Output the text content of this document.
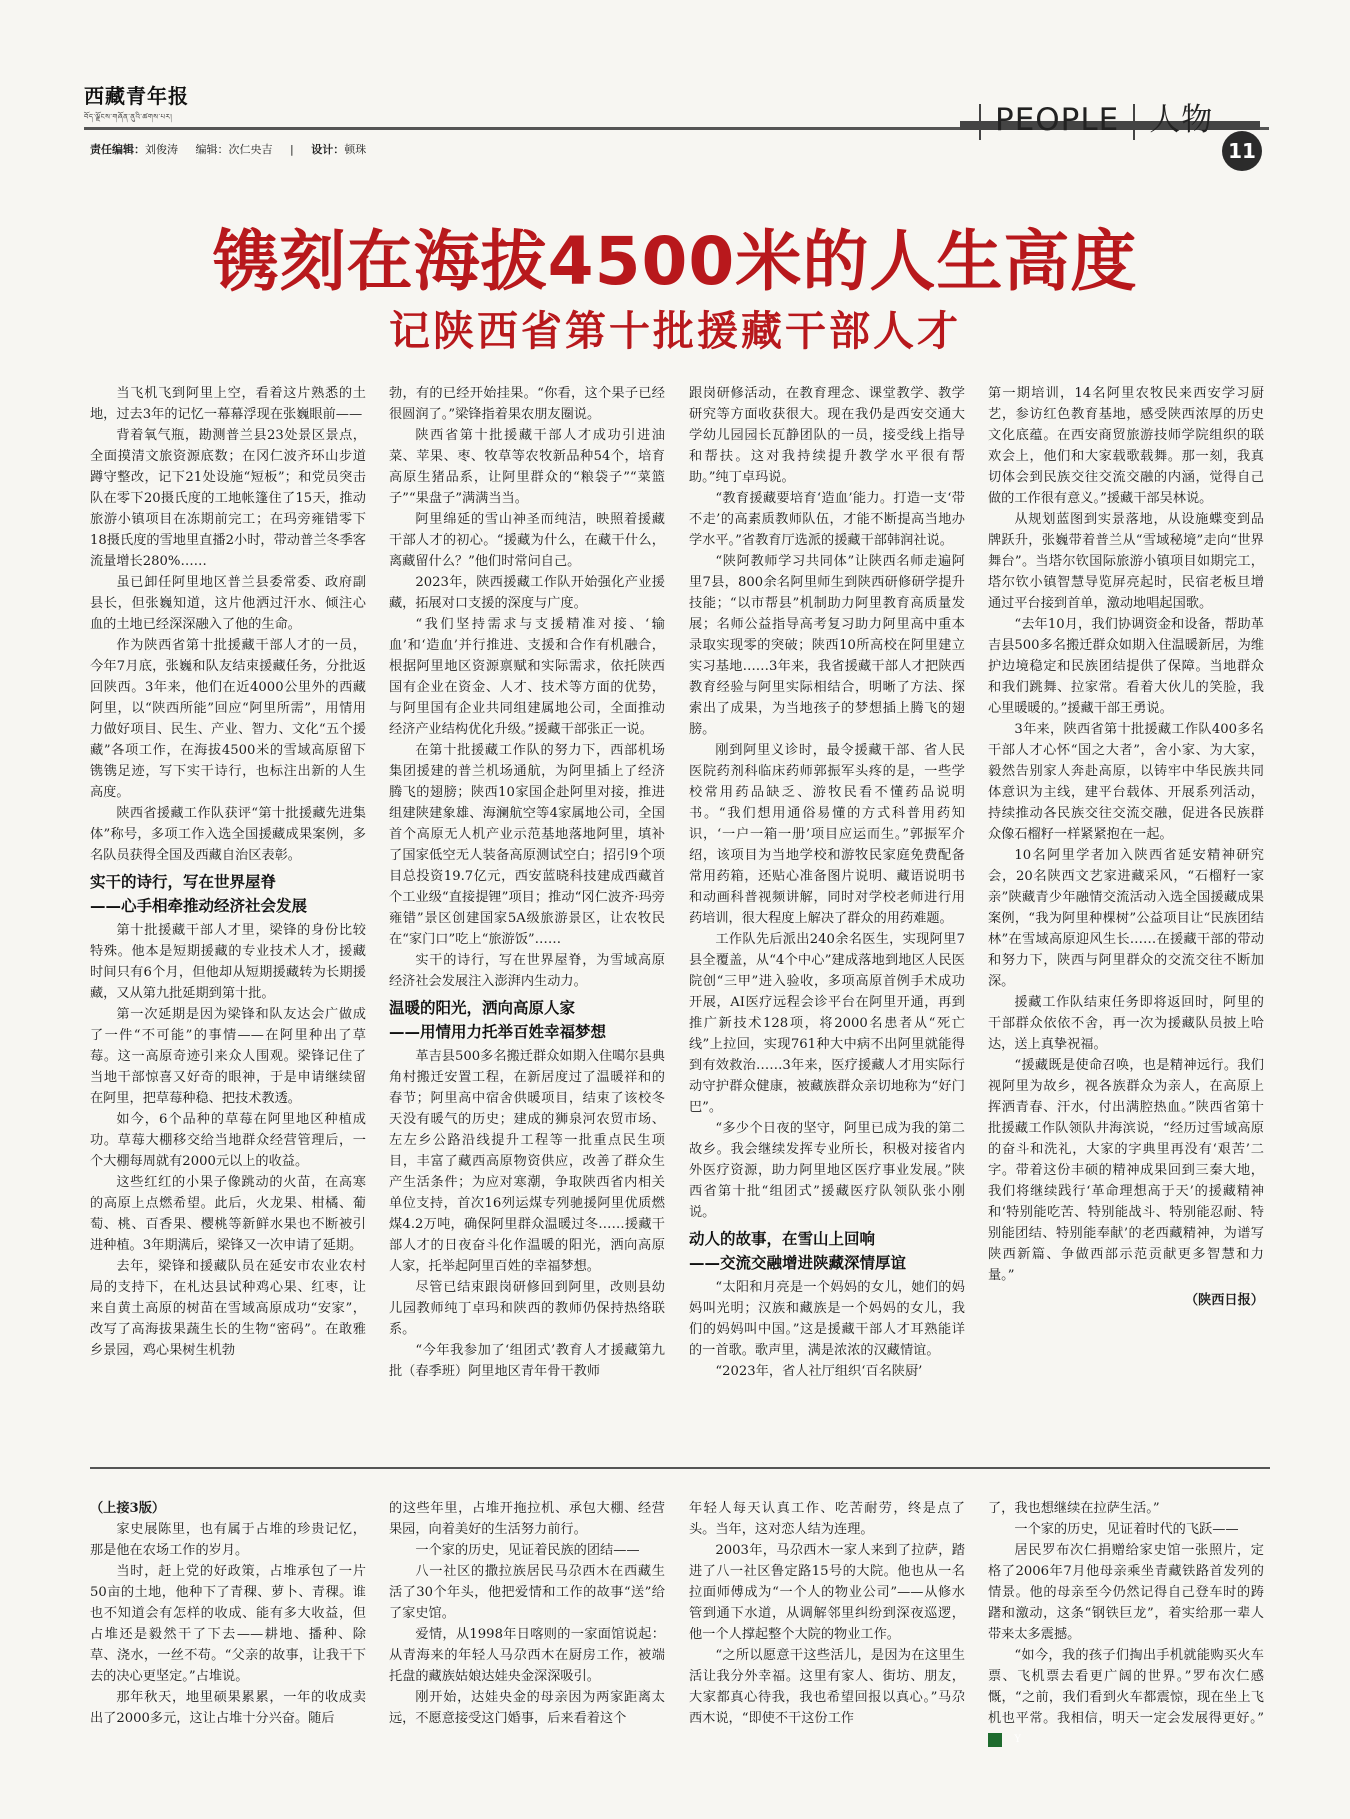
西藏青年报
བོད་ལྗོངས་གཞོན་ནུའི་ཚགས་པར།	PEOPLE 人物
11
责任编辑：刘俊涛 编辑：次仁央吉 | 设计：顿珠
镌刻在海拔4500米的人生高度
记陕西省第十批援藏干部人才

当飞机飞到阿里上空，看着这片熟悉的土地，过去3年的记忆一幕幕浮现在张巍眼前——

背着氧气瓶，勘测普兰县23处景区景点，全面摸清文旅资源底数；在冈仁波齐环山步道蹲守整改，记下21处设施“短板”；和党员突击队在零下20摄氏度的工地帐篷住了15天，推动旅游小镇项目在冻期前完工；在玛旁雍错零下18摄氏度的雪地里直播2小时，带动普兰冬季客流量增长280%……

虽已卸任阿里地区普兰县委常委、政府副县长，但张巍知道，这片他洒过汗水、倾注心血的土地已经深深融入了他的生命。

作为陕西省第十批援藏干部人才的一员，今年7月底，张巍和队友结束援藏任务，分批返回陕西。3年来，他们在近4000公里外的西藏阿里，以“陕西所能”回应“阿里所需”，用情用力做好项目、民生、产业、智力、文化“五个援藏”各项工作，在海拔4500米的雪域高原留下镌镌足迹，写下实干诗行，也标注出新的人生高度。

陕西省援藏工作队获评“第十批援藏先进集体”称号，多项工作入选全国援藏成果案例，多名队员获得全国及西藏自治区表彰。

实干的诗行，写在世界屋脊
——心手相牵推动经济社会发展

第十批援藏干部人才里，梁锋的身份比较特殊。他本是短期援藏的专业技术人才，援藏时间只有6个月，但他却从短期援藏转为长期援藏，又从第九批延期到第十批。

第一次延期是因为梁锋和队友达会广做成了一件“不可能”的事情——在阿里种出了草莓。这一高原奇迹引来众人围观。梁锋记住了当地干部惊喜又好奇的眼神，于是申请继续留在阿里，把草莓种稳、把技术教透。

如今，6个品种的草莓在阿里地区种植成功。草莓大棚移交给当地群众经营管理后，一个大棚每周就有2000元以上的收益。

这些红红的小果子像跳动的火苗，在高寒的高原上点燃希望。此后，火龙果、柑橘、葡萄、桃、百香果、樱桃等新鲜水果也不断被引进种植。3年期满后，梁锋又一次申请了延期。

去年，梁锋和援藏队员在延安市农业农村局的支持下，在札达县试种鸡心果、红枣，让来自黄土高原的树苗在雪域高原成功“安家”，改写了高海拔果蔬生长的生物“密码”。在敢雅乡景园，鸡心果树生机勃

勃，有的已经开始挂果。“你看，这个果子已经很圆润了。”梁锋指着果农朋友圈说。

陕西省第十批援藏干部人才成功引进油菜、苹果、枣、牧草等农牧新品种54个，培育高原生猪品系，让阿里群众的“粮袋子”“菜篮子”“果盘子”满满当当。

阿里绵延的雪山神圣而纯洁，映照着援藏干部人才的初心。“援藏为什么，在藏干什么，离藏留什么？”他们时常问自己。

2023年，陕西援藏工作队开始强化产业援藏，拓展对口支援的深度与广度。

“我们坚持需求与支援精准对接、‘输血’和‘造血’并行推进、支援和合作有机融合，根据阿里地区资源禀赋和实际需求，依托陕西国有企业在资金、人才、技术等方面的优势，与阿里国有企业共同组建属地公司，全面推动经济产业结构优化升级。”援藏干部张正一说。

在第十批援藏工作队的努力下，西部机场集团援建的普兰机场通航，为阿里插上了经济腾飞的翅膀；陕西10家国企赴阿里对接，推进组建陕建象雄、海澜航空等4家属地公司，全国首个高原无人机产业示范基地落地阿里，填补了国家低空无人装备高原测试空白；招引9个项目总投资19.7亿元，西安蓝晓科技建成西藏首个工业级“直接提锂”项目；推动“冈仁波齐·玛旁雍错”景区创建国家5A级旅游景区，让农牧民在“家门口”吃上“旅游饭”……

实干的诗行，写在世界屋脊，为雪域高原经济社会发展注入澎湃内生动力。

温暖的阳光，洒向高原人家
——用情用力托举百姓幸福梦想

革吉县500多名搬迁群众如期入住噶尔县典角村搬迁安置工程，在新居度过了温暖祥和的春节；阿里高中宿舍供暖项目，结束了该校冬天没有暖气的历史；建成的狮泉河农贸市场、左左乡公路沿线提升工程等一批重点民生项目，丰富了藏西高原物资供应，改善了群众生产生活条件；为应对寒潮，争取陕西省内相关单位支持，首次16列运煤专列驰援阿里优质燃煤4.2万吨，确保阿里群众温暖过冬……援藏干部人才的日夜奋斗化作温暖的阳光，洒向高原人家，托举起阿里百姓的幸福梦想。

尽管已结束跟岗研修回到阿里，改则县幼儿园教师纯丁卓玛和陕西的教师仍保持热络联系。

“今年我参加了‘组团式’教育人才援藏第九批（春季班）阿里地区青年骨干教师

跟岗研修活动，在教育理念、课堂教学、教学研究等方面收获很大。现在我仍是西安交通大学幼儿园园长瓦静团队的一员，接受线上指导和帮扶。这对我持续提升教学水平很有帮助。”纯丁卓玛说。

“教育援藏要培育‘造血’能力。打造一支‘带不走’的高素质教师队伍，才能不断提高当地办学水平。”省教育厅选派的援藏干部韩润社说。

“陕阿教师学习共同体”让陕西名师走遍阿里7县，800余名阿里师生到陕西研修研学提升技能；“以市帮县”机制助力阿里教育高质量发展；名师公益指导高考复习助力阿里高中重本录取实现零的突破；陕西10所高校在阿里建立实习基地……3年来，我省援藏干部人才把陕西教育经验与阿里实际相结合，明晰了方法、探索出了成果，为当地孩子的梦想插上腾飞的翅膀。

刚到阿里义诊时，最令援藏干部、省人民医院药剂科临床药师郭振军头疼的是，一些学校常用药品缺乏、游牧民看不懂药品说明书。“我们想用通俗易懂的方式科普用药知识，‘一户一箱一册’项目应运而生。”郭振军介绍，该项目为当地学校和游牧民家庭免费配备常用药箱，还贴心准备图片说明、藏语说明书和动画科普视频讲解，同时对学校老师进行用药培训，很大程度上解决了群众的用药难题。

工作队先后派出240余名医生，实现阿里7县全覆盖，从“4个中心”建成落地到地区人民医院创“三甲”进入验收，多项高原首例手术成功开展，AI医疗远程会诊平台在阿里开通，再到推广新技术128项，将2000名患者从“死亡线”上拉回，实现761种大中病不出阿里就能得到有效救治……3年来，医疗援藏人才用实际行动守护群众健康，被藏族群众亲切地称为“好门巴”。

“多少个日夜的坚守，阿里已成为我的第二故乡。我会继续发挥专业所长，积极对接省内外医疗资源，助力阿里地区医疗事业发展。”陕西省第十批“组团式”援藏医疗队领队张小刚说。

动人的故事，在雪山上回响
——交流交融增进陕藏深情厚谊

“太阳和月亮是一个妈妈的女儿，她们的妈妈叫光明；汉族和藏族是一个妈妈的女儿，我们的妈妈叫中国。”这是援藏干部人才耳熟能详的一首歌。歌声里，满是浓浓的汉藏情谊。

“2023年，省人社厅组织‘百名陕厨’

第一期培训，14名阿里农牧民来西安学习厨艺，参访红色教育基地，感受陕西浓厚的历史文化底蕴。在西安商贸旅游技师学院组织的联欢会上，他们和大家载歌载舞。那一刻，我真切体会到民族交往交流交融的内涵，觉得自己做的工作很有意义。”援藏干部吴林说。

从规划蓝图到实景落地，从设施蝶变到品牌跃升，张巍带着普兰从“雪域秘境”走向“世界舞台”。当塔尔钦国际旅游小镇项目如期完工，塔尔钦小镇智慧导览屏亮起时，民宿老板旦增通过平台接到首单，激动地唱起国歌。

“去年10月，我们协调资金和设备，帮助革吉县500多名搬迁群众如期入住温暖新居，为维护边境稳定和民族团结提供了保障。当地群众和我们跳舞、拉家常。看着大伙儿的笑脸，我心里暖暖的。”援藏干部王勇说。

3年来，陕西省第十批援藏工作队400多名干部人才心怀“国之大者”，舍小家、为大家，毅然告别家人奔赴高原，以铸牢中华民族共同体意识为主线，建平台载体、开展系列活动，持续推动各民族交往交流交融，促进各民族群众像石榴籽一样紧紧抱在一起。

10名阿里学者加入陕西省延安精神研究会，20名陕西文艺家进藏采风，“石榴籽一家亲”陕藏青少年融情交流活动入选全国援藏成果案例，“我为阿里种棵树”公益项目让“民族团结林”在雪域高原迎风生长……在援藏干部的带动和努力下，陕西与阿里群众的交流交往不断加深。

援藏工作队结束任务即将返回时，阿里的干部群众依依不舍，再一次为援藏队员披上哈达，送上真挚祝福。

“援藏既是使命召唤，也是精神远行。我们视阿里为故乡，视各族群众为亲人，在高原上挥洒青春、汗水，付出满腔热血。”陕西省第十批援藏工作队领队井海滨说，“经历过雪域高原的奋斗和洗礼，大家的字典里再没有‘艰苦’二字。带着这份丰硕的精神成果回到三秦大地，我们将继续践行‘革命理想高于天’的援藏精神和‘特别能吃苦、特别能战斗、特别能忍耐、特别能团结、特别能奉献’的老西藏精神，为谱写陕西新篇、争做西部示范贡献更多智慧和力量。”

（陕西日报）

（上接3版）

家史展陈里，也有属于占堆的珍贵记忆，那是他在农场工作的岁月。

当时，赶上党的好政策，占堆承包了一片50亩的土地，他种下了青稞、萝卜、青稞。谁也不知道会有怎样的收成、能有多大收益，但占堆还是毅然干了下去——耕地、播种、除草、浇水，一丝不苟。“父亲的故事，让我干下去的决心更坚定。”占堆说。

那年秋天，地里硕果累累，一年的收成卖出了2000多元，这让占堆十分兴奋。随后

的这些年里，占堆开拖拉机、承包大棚、经营果园，向着美好的生活努力前行。

一个家的历史，见证着民族的团结——

八一社区的撒拉族居民马尕西木在西藏生活了30个年头，他把爱情和工作的故事“送”给了家史馆。

爱情，从1998年日喀则的一家面馆说起：从青海来的年轻人马尕西木在厨房工作，被端托盘的藏族姑娘达娃央金深深吸引。

刚开始，达娃央金的母亲因为两家距离太远，不愿意接受这门婚事，后来看着这个

年轻人每天认真工作、吃苦耐劳，终是点了头。当年，这对恋人结为连理。

2003年，马尕西木一家人来到了拉萨，踏进了八一社区鲁定路15号的大院。他也从一名拉面师傅成为“一个人的物业公司”——从修水管到通下水道，从调解邻里纠纷到深夜巡逻，他一个人撑起整个大院的物业工作。

“之所以愿意干这些活儿，是因为在这里生活让我分外幸福。这里有家人、街坊、朋友，大家都真心待我，我也希望回报以真心。”马尕西木说，“即使不干这份工作

了，我也想继续在拉萨生活。”

一个家的历史，见证着时代的飞跃——

居民罗布次仁捐赠给家史馆一张照片，定格了2006年7月他母亲乘坐青藏铁路首发列的情景。他的母亲至今仍然记得自己登车时的踌躇和激动，这条“钢铁巨龙”，着实给那一辈人带来太多震撼。

“如今，我的孩子们掏出手机就能购买火车票、飞机票去看更广阔的世界。”罗布次仁感慨，“之前，我们看到火车都震惊，现在坐上飞机也平常。我相信，明天一定会发展得更好。” Y
